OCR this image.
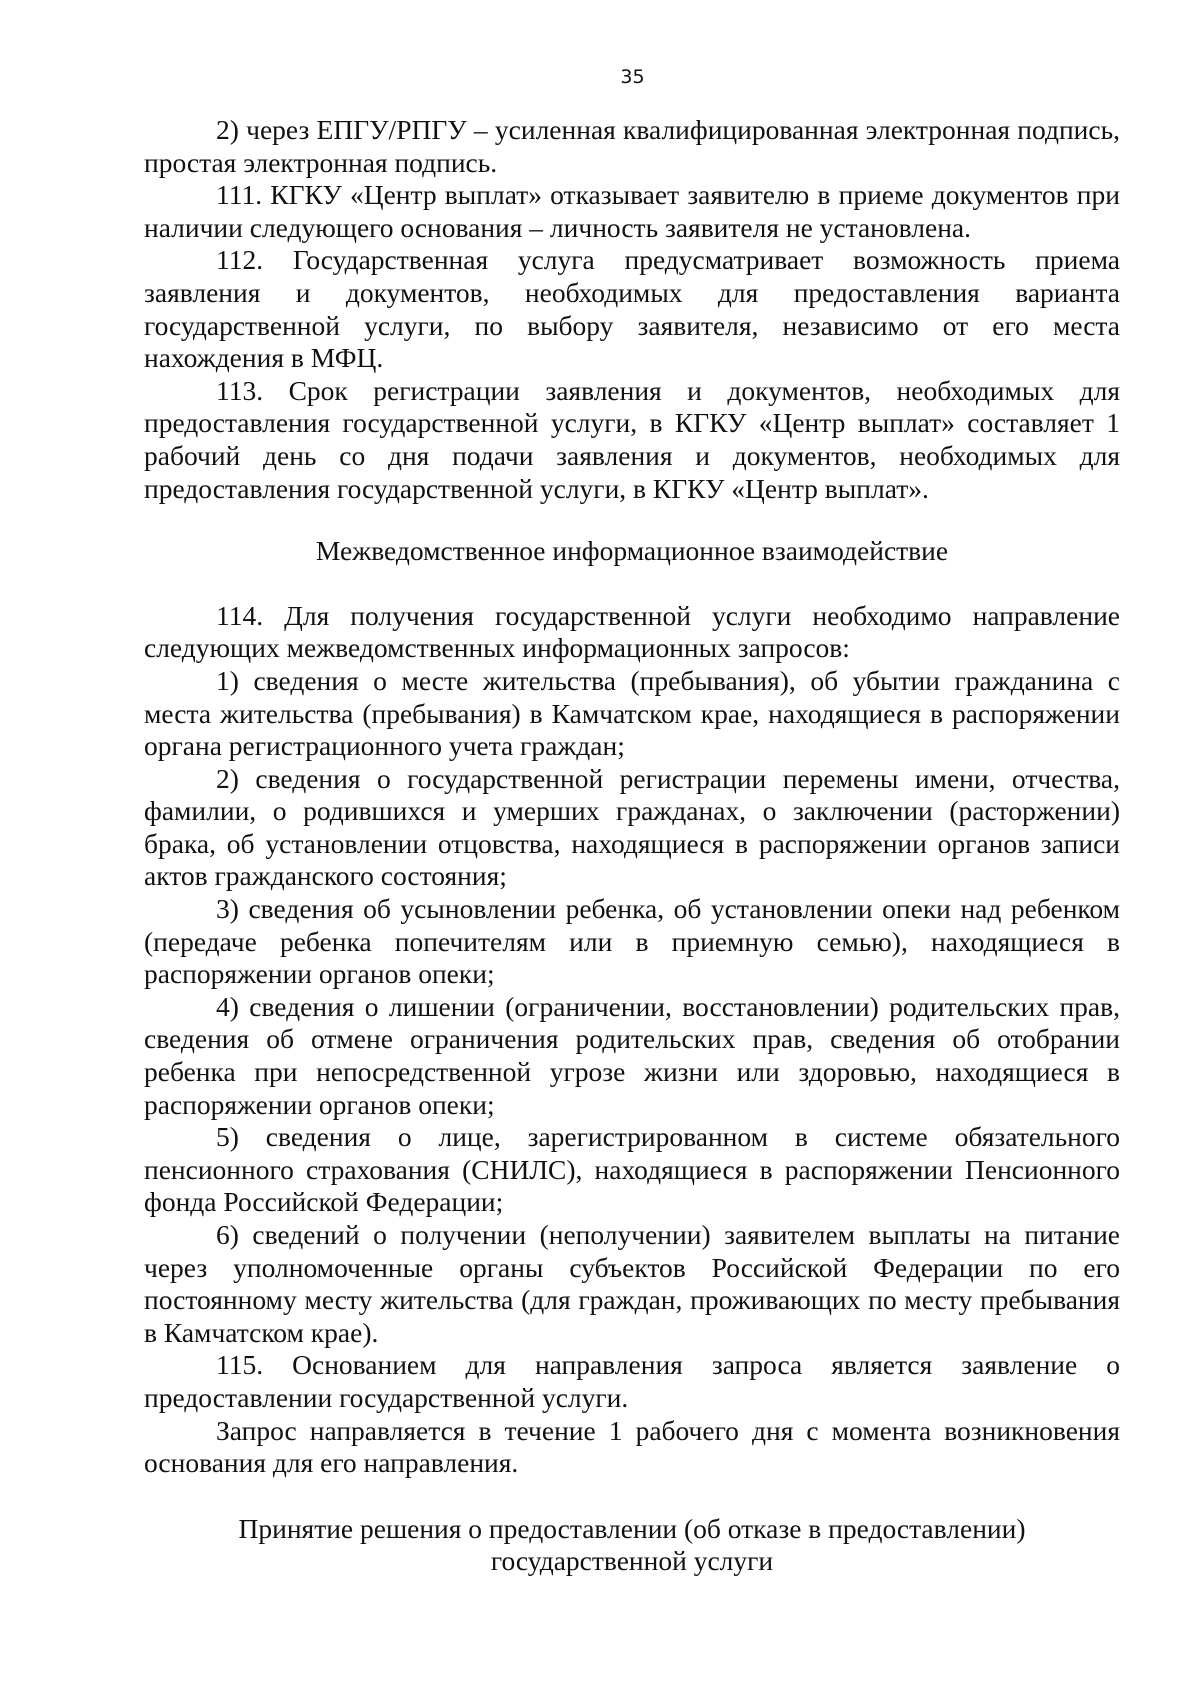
35

2) через ЕПГУ/РПГУ – усиленная квалифицированная электронная подпись, простая электронная подпись.

111. КГКУ «Центр выплат» отказывает заявителю в приеме документов при наличии следующего основания – личность заявителя не установлена.

112. Государственная услуга предусматривает возможность приема заявления и документов, необходимых для предоставления варианта государственной услуги, по выбору заявителя, независимо от его места нахождения в МФЦ.

113. Срок регистрации заявления и документов, необходимых для предоставления государственной услуги, в КГКУ «Центр выплат» составляет 1 рабочий день со дня подачи заявления и документов, необходимых для предоставления государственной услуги, в КГКУ «Центр выплат».

Межведомственное информационное взаимодействие

114. Для получения государственной услуги необходимо направление следующих межведомственных информационных запросов:

1) сведения о месте жительства (пребывания), об убытии гражданина с места жительства (пребывания) в Камчатском крае, находящиеся в распоряжении органа регистрационного учета граждан;

2) сведения о государственной регистрации перемены имени, отчества, фамилии, о родившихся и умерших гражданах, о заключении (расторжении) брака, об установлении отцовства, находящиеся в распоряжении органов записи актов гражданского состояния;

3) сведения об усыновлении ребенка, об установлении опеки над ребенком (передаче ребенка попечителям или в приемную семью), находящиеся в распоряжении органов опеки;

4) сведения о лишении (ограничении, восстановлении) родительских прав, сведения об отмене ограничения родительских прав, сведения об отобрании ребенка при непосредственной угрозе жизни или здоровью, находящиеся в распоряжении органов опеки;

5) сведения о лице, зарегистрированном в системе обязательного пенсионного страхования (СНИЛС), находящиеся в распоряжении Пенсионного фонда Российской Федерации;

6) сведений о получении (неполучении) заявителем выплаты на питание через уполномоченные органы субъектов Российской Федерации по его постоянному месту жительства (для граждан, проживающих по месту пребывания в Камчатском крае).

115. Основанием для направления запроса является заявление о предоставлении государственной услуги.

Запрос направляется в течение 1 рабочего дня с момента возникновения основания для его направления.

Принятие решения о предоставлении (об отказе в предоставлении)
государственной услуги
